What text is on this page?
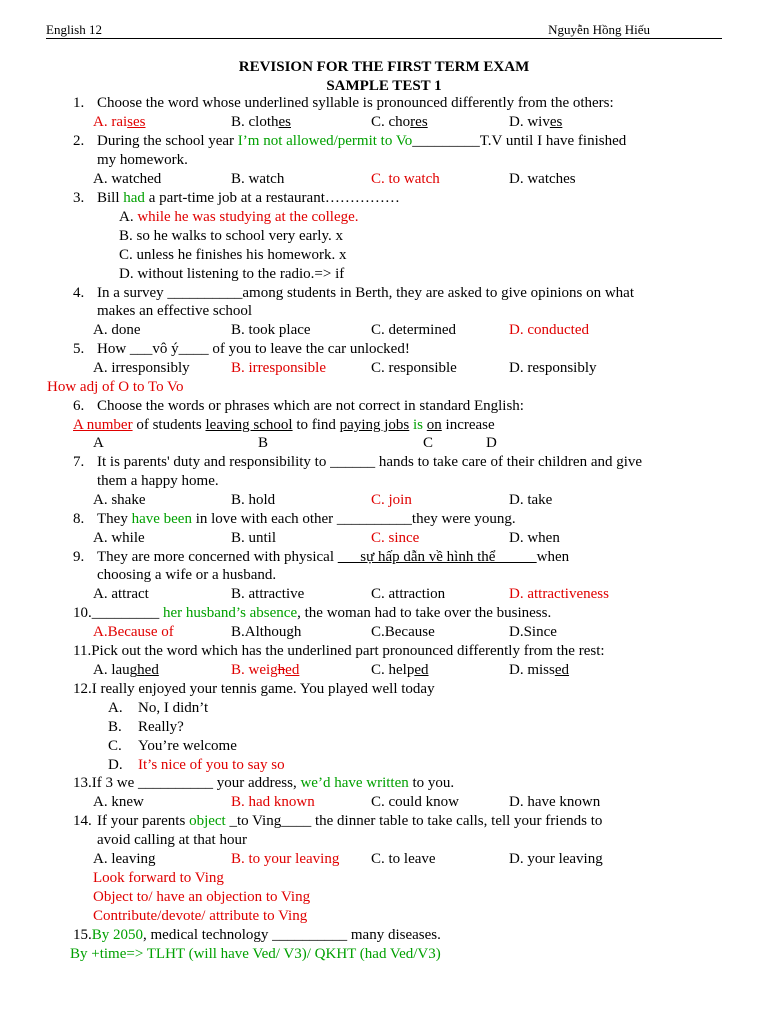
English 12	Nguyễn Hồng Hiếu
REVISION FOR THE FIRST TERM EXAM
SAMPLE TEST 1
1. Choose the word whose underlined syllable is pronounced differently from the others:
A. raises	B. clothes	C. chores	D. wives
2. During the school year I’m not allowed/permit to Vo_________T.V until I have finished
my homework.
A. watched	B. watch	C. to watch	D. watches
3. Bill had a part-time job at a restaurant……………
A. while he was studying at the college.
B. so he walks to school very early. x
C. unless he finishes his homework. x
D. without listening to the radio.=> if
4. In a survey __________among students in Berth, they are asked to give opinions on what
makes an effective school
A. done	B. took place	C. determined	D. conducted
5. How ___vô ý____ of you to leave the car unlocked!
A. irresponsibly	B. irresponsible	C. responsible	D. responsibly
How adj of O to To Vo
6. Choose the words or phrases which are not correct in standard English:
A number of students leaving school to find paying jobs is on increase
A	B	C	D
7. It is parents' duty and responsibility to ______ hands to take care of their children and give
them a happy home.
A. shake	B. hold	C. join	D. take
8. They have been in love with each other __________they were young.
A. while	B. until	C. since	D. when
9. They are more concerned with physical       sự hấp dẫn về hình thể           when
choosing a wife or a husband.
A. attract	B. attractive	C. attraction	D. attractiveness
10._________ her husband’s absence, the woman had to take over the business.
A.Because of	B.Although	C.Because	D.Since
11.Pick out the word which has the underlined part pronounced differently from the rest:
A. laughed	B. weighed	C. helped	D. missed
12.I really enjoyed your tennis game. You played well today
A. No, I didn’t
B. Really?
C. You’re welcome
D. It’s nice of you to say so
13.If 3 we __________ your address, we’d have written to you.
A. knew	B. had known	C. could know	D. have known
14. If your parents object _to Ving____ the dinner table to take calls, tell your friends to
avoid calling at that hour
A. leaving	B. to your leaving C. to leave	D. your leaving
Look forward to Ving
Object to/ have an objection to Ving
Contribute/devote/ attribute to Ving
15.By 2050, medical technology __________ many diseases.
By +time=> TLHT (will have Ved/ V3)/ QKHT (had Ved/V3)
